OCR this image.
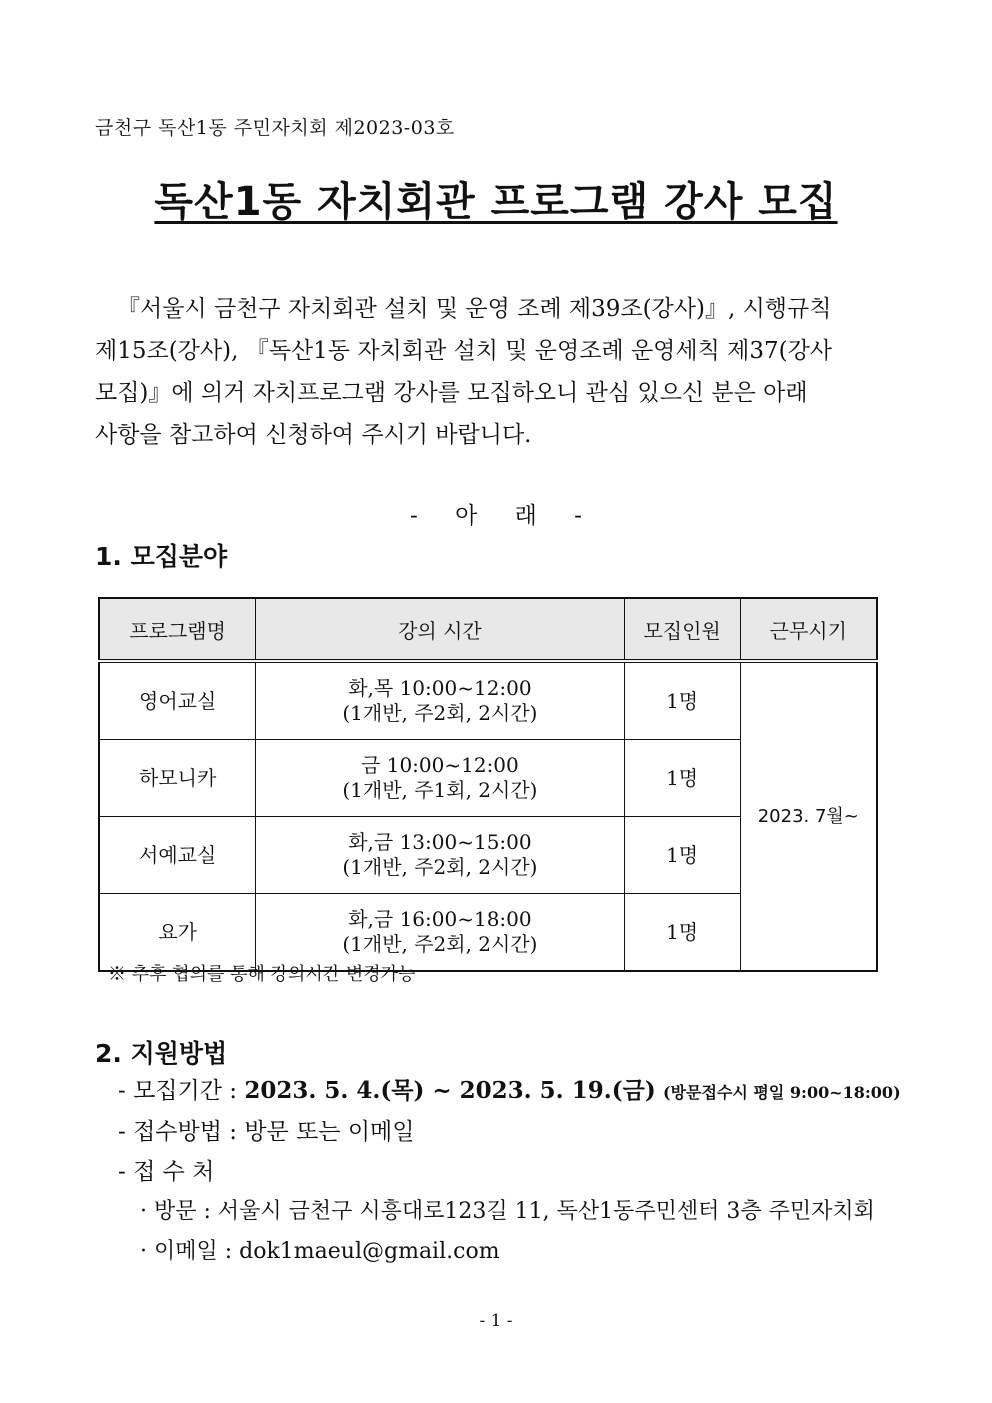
금천구 독산1동 주민자치회 제2023-03호
독산1동 자치회관 프로그램 강사 모집
『서울시 금천구 자치회관 설치 및 운영 조례 제39조(강사)』, 시행규칙
제15조(강사), 『독산1동 자치회관 설치 및 운영조례 운영세칙 제37(강사
모집)』에 의거 자치프로그램 강사를 모집하오니 관심 있으신 분은 아래
사항을 참고하여 신청하여 주시기 바랍니다.
- 아 래 -
1. 모집분야
프로그램명	강의 시간	모집인원	근무시기
영어교실	화,목 10:00~12:00
(1개반, 주2회, 2시간)	1명	2023. 7월~
하모니카	금 10:00~12:00
(1개반, 주1회, 2시간)	1명	
서예교실	화,금 13:00~15:00
(1개반, 주2회, 2시간)	1명	
요가	화,금 16:00~18:00
(1개반, 주2회, 2시간)	1명	
※ 추후 협의를 통해 강의시간 변경가능
2. 지원방법
- 모집기간 : 2023. 5. 4.(목) ~ 2023. 5. 19.(금) (방문접수시 평일 9:00~18:00)
- 접수방법 : 방문 또는 이메일
- 접 수 처
· 방문 : 서울시 금천구 시흥대로123길 11, 독산1동주민센터 3층 주민자치회
· 이메일 : dok1maeul@gmail.com
- 1 -
